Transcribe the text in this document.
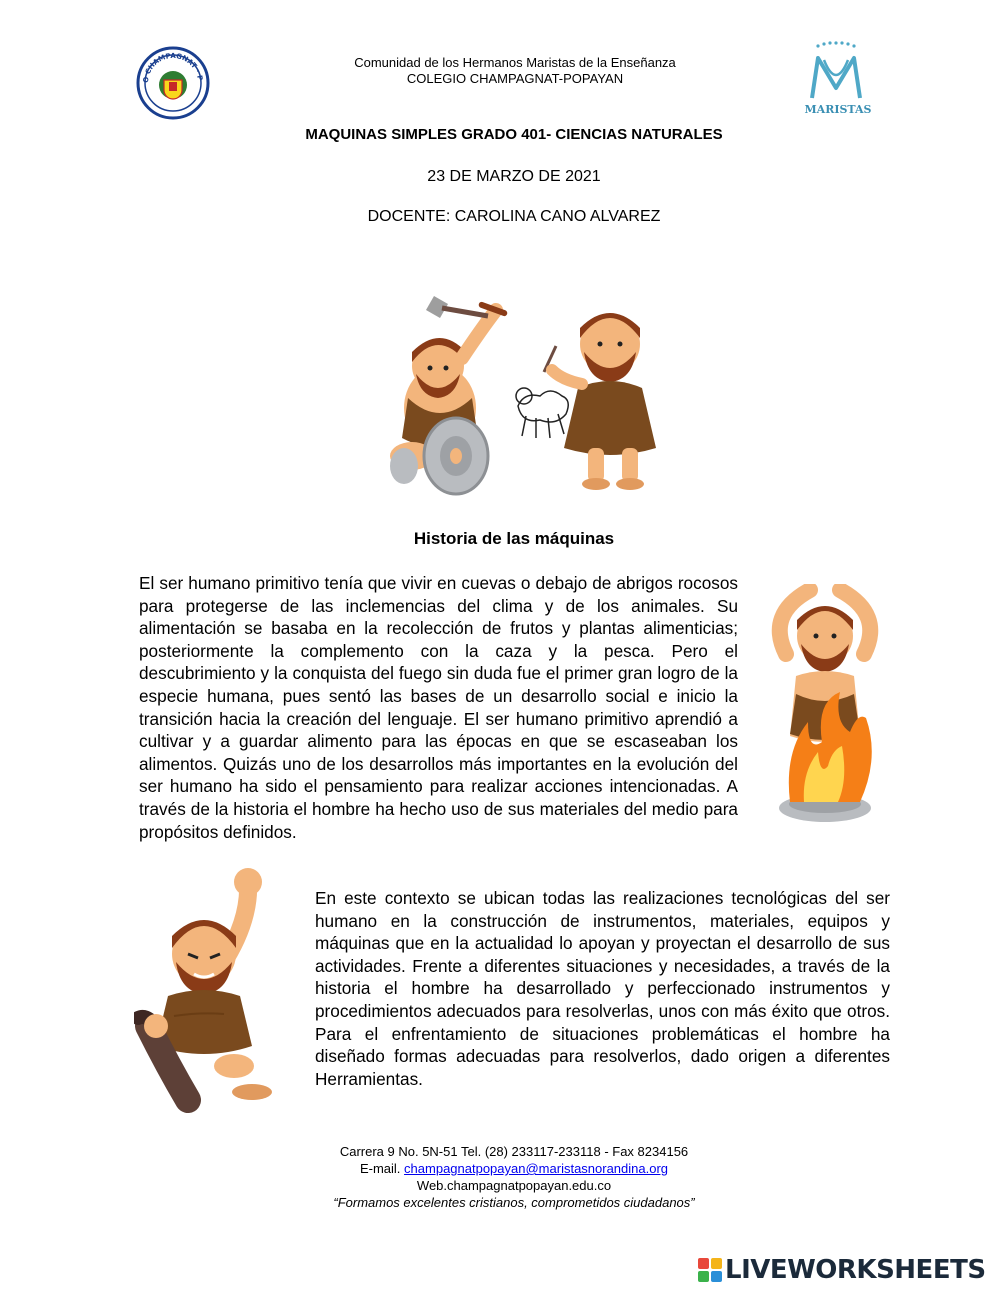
O CHAMPAGNAT · P
MARISTAS
Comunidad de los Hermanos Maristas de la Enseñanza
COLEGIO CHAMPAGNAT-POPAYAN
MAQUINAS SIMPLES GRADO 401- CIENCIAS NATURALES
23 DE MARZO DE 2021
DOCENTE: CAROLINA CANO ALVAREZ
Historia de las máquinas

El ser humano primitivo tenía que vivir en cuevas o debajo de abrigos rocosos para protegerse de las inclemencias del clima y de los animales. Su alimentación se basaba en la recolección de frutos y plantas alimenticias; posteriormente la complemento con la caza y la pesca. Pero el descubrimiento y la conquista del fuego sin duda fue el primer gran logro de la especie humana, pues sentó las bases de un desarrollo social e inicio la transición hacia la creación del lenguaje. El ser humano primitivo aprendió a cultivar y a guardar alimento para las épocas en que se escaseaban los alimentos. Quizás uno de los desarrollos más importantes en la evolución del ser humano ha sido el pensamiento para realizar acciones intencionadas. A través de la historia el hombre ha hecho uso de sus materiales del medio para propósitos definidos.

En este contexto se ubican todas las realizaciones tecnológicas del ser humano en la construcción de instrumentos, materiales, equipos y máquinas que en la actualidad lo apoyan y proyectan el desarrollo de sus actividades. Frente a diferentes situaciones y necesidades, a través de la historia el hombre ha desarrollado y perfeccionado instrumentos y procedimientos adecuados para resolverlas, unos con más éxito que otros. Para el enfrentamiento de situaciones problemáticas el hombre ha diseñado formas adecuadas para resolverlos, dado origen a diferentes Herramientas.

Carrera 9 No. 5N-51 Tel. (28) 233117-233118 - Fax 8234156
E-mail. champagnatpopayan@maristasnorandina.org
Web.champagnatpopayan.edu.co
“Formamos excelentes cristianos, comprometidos ciudadanos”
LIVEWORKSHEETS
